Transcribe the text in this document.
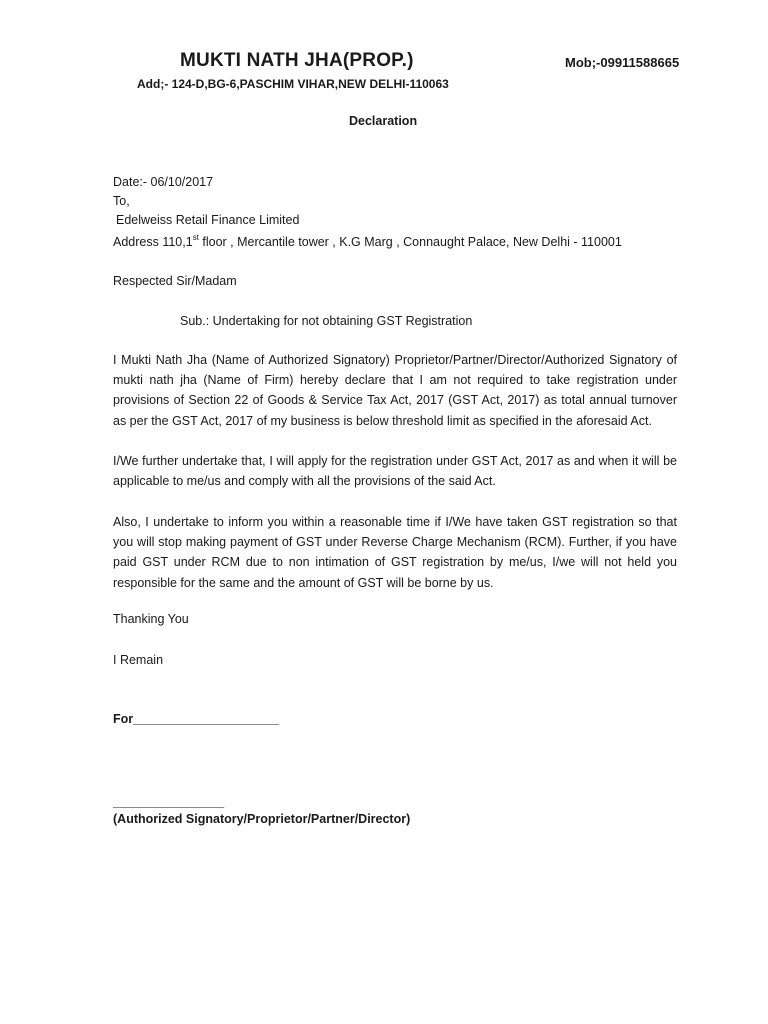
MUKTI NATH JHA(PROP.)	Mob;-09911588665
Add;- 124-D,BG-6,PASCHIM VIHAR,NEW DELHI-110063
Declaration
Date:- 06/10/2017
To,
Edelweiss Retail Finance Limited
Address 110,1st floor , Mercantile tower , K.G Marg , Connaught Palace, New Delhi - 110001
Respected Sir/Madam
Sub.: Undertaking for not obtaining GST Registration
I Mukti Nath Jha (Name of Authorized Signatory) Proprietor/Partner/Director/Authorized Signatory of mukti nath jha (Name of Firm) hereby declare that I am not required to take registration under provisions of Section 22 of Goods & Service Tax Act, 2017 (GST Act, 2017) as total annual turnover as per the GST Act, 2017 of my business is below threshold limit as specified in the aforesaid Act.
I/We further undertake that, I will apply for the registration under GST Act, 2017 as and when it will be applicable to me/us and comply with all the provisions of the said Act.
Also, I undertake to inform you within a reasonable time if I/We have taken GST registration so that you will stop making payment of GST under Reverse Charge Mechanism (RCM). Further, if you have paid GST under RCM due to non intimation of GST registration by me/us, I/we will not held you responsible for the same and the amount of GST will be borne by us.
Thanking You
I Remain
For_____________________
________________
(Authorized Signatory/Proprietor/Partner/Director)
